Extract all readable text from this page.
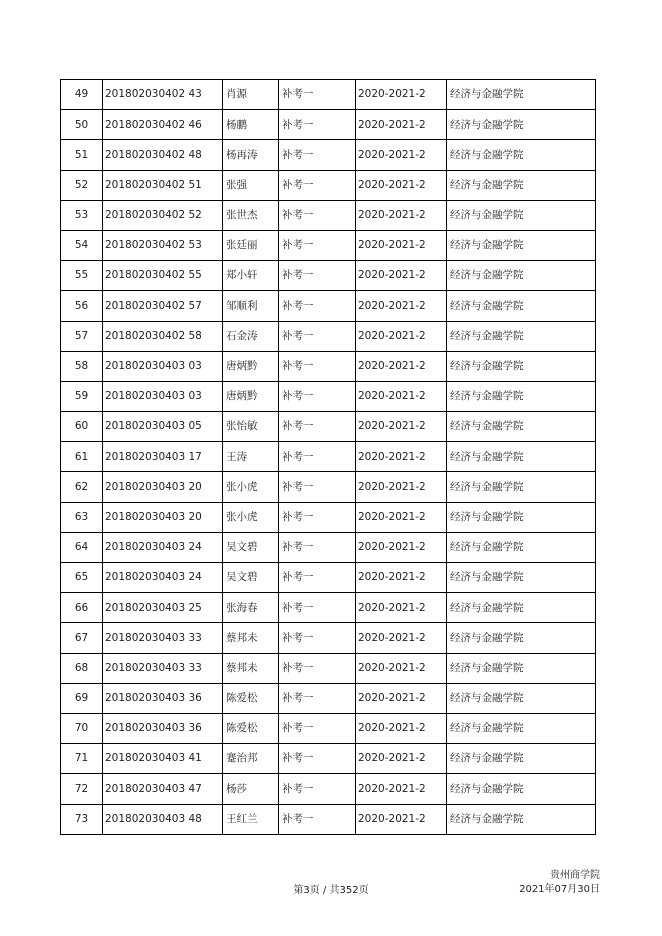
49	201802030402 43	肖源	补考一	2020-2021-2	经济与金融学院
50	201802030402 46	杨鹏	补考一	2020-2021-2	经济与金融学院
51	201802030402 48	杨再涛	补考一	2020-2021-2	经济与金融学院
52	201802030402 51	张强	补考一	2020-2021-2	经济与金融学院
53	201802030402 52	张世杰	补考一	2020-2021-2	经济与金融学院
54	201802030402 53	张廷丽	补考一	2020-2021-2	经济与金融学院
55	201802030402 55	郑小轩	补考一	2020-2021-2	经济与金融学院
56	201802030402 57	邹顺利	补考一	2020-2021-2	经济与金融学院
57	201802030402 58	石金涛	补考一	2020-2021-2	经济与金融学院
58	201802030403 03	唐炳黔	补考一	2020-2021-2	经济与金融学院
59	201802030403 03	唐炳黔	补考一	2020-2021-2	经济与金融学院
60	201802030403 05	张怡敏	补考一	2020-2021-2	经济与金融学院
61	201802030403 17	王涛	补考一	2020-2021-2	经济与金融学院
62	201802030403 20	张小虎	补考一	2020-2021-2	经济与金融学院
63	201802030403 20	张小虎	补考一	2020-2021-2	经济与金融学院
64	201802030403 24	吴文碧	补考一	2020-2021-2	经济与金融学院
65	201802030403 24	吴文碧	补考一	2020-2021-2	经济与金融学院
66	201802030403 25	张海春	补考一	2020-2021-2	经济与金融学院
67	201802030403 33	蔡邦未	补考一	2020-2021-2	经济与金融学院
68	201802030403 33	蔡邦未	补考一	2020-2021-2	经济与金融学院
69	201802030403 36	陈爱松	补考一	2020-2021-2	经济与金融学院
70	201802030403 36	陈爱松	补考一	2020-2021-2	经济与金融学院
71	201802030403 41	蹇治邦	补考一	2020-2021-2	经济与金融学院
72	201802030403 47	杨莎	补考一	2020-2021-2	经济与金融学院
73	201802030403 48	王红兰	补考一	2020-2021-2	经济与金融学院
第3页 / 共352页
贵州商学院
2021年07月30日
